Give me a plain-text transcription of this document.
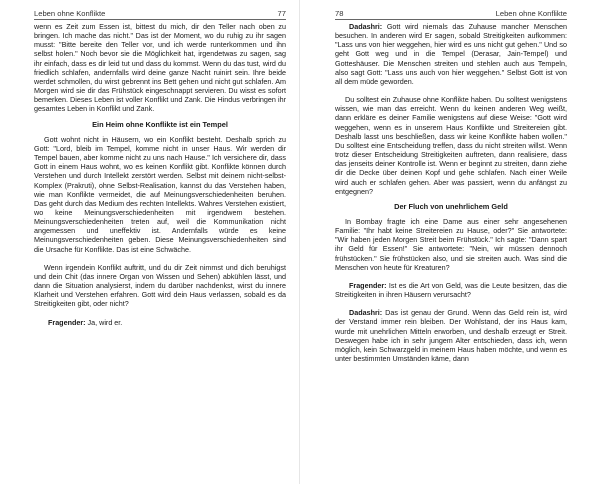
Leben ohne Konflikte	77

wenn es Zeit zum Essen ist, bittest du mich, dir den Teller nach oben zu bringen. Ich mache das nicht." Das ist der Moment, wo du ruhig zu ihr sagen musst: "Bitte bereite den Teller vor, und ich werde runterkommen und ihn selbst holen." Noch bevor sie die Möglichkeit hat, irgendetwas zu sagen, sag ihr einfach, dass es dir leid tut und dass du kommst. Wenn du das tust, wird du friedlich schlafen, andernfalls wird deine ganze Nacht ruinirt sein. Ihre beide werdet schmollen, du wirst gebrennt ins Bett gehen und nicht gut schlafen. Am Morgen wird sie dir das Frühstück eingeschnappt servieren. Du wisst es sofort bemerken. Dieses Leben ist voller Konflikt und Zank. Die Hindus verbringen ihr gesamtes Leben in Konflikt und Zank.

Ein Heim ohne Konflikte ist ein Tempel

Gott wohnt nicht in Häusern, wo ein Konflikt besteht. Deshalb sprich zu Gott: "Lord, bleib im Tempel, komme nicht in unser Haus. Wir werden dir Tempel bauen, aber komme nicht zu uns nach Hause." Ich versichere dir, dass Gott in einem Haus wohnt, wo es keinen Konflikt gibt. Konflikte können durch Verstehen und durch Intellekt zerstört werden. Selbst mit deinem nicht-selbst-Komplex (Prakruti), ohne Selbst-Realisation, kannst du das Verstehen haben, wie man Konflikte vermeidet, die auf Meinungsverschiedenheiten beruhen. Das geht durch das Medium des rechten Intellekts. Wahres Verstehen existiert, wo keine Meinungsverschiedenheiten mit irgendwem bestehen. Meinungsverschiedenheiten treten auf, weil die Kommunikation nicht angemessen und uneffektiv ist. Andernfalls würde es keine Meinungsverschiedenheiten geben. Diese Meinungsverschiedenheiten sind die Ursache für Konflikte. Das ist eine Schwäche.

Wenn irgendein Konflikt auftritt, und du dir Zeit nimmst und dich beruhigst und dein Chit (das innere Organ von Wissen und Sehen) abkühlen lässt, und dann die Situation analysierst, indem du darüber nachdenkst, wirst du innere Klarheit und Verstehen erfahren. Gott wird dein Haus verlassen, sobald es da Streitigkeiten gibt, oder nicht?

Fragender: Ja, wird er.

78	Leben ohne Konflikte

Dadashri: Gott wird niemals das Zuhause mancher Menschen besuchen. In anderen wird Er sagen, sobald Streitigkeiten aufkommen: "Lass uns von hier weggehen, hier wird es uns nicht gut gehen." Und so geht Gott weg und in die Tempel (Derasar, Jain-Tempel) und Gotteshäuser. Die Menschen streiten und stehlen auch aus Tempeln, also sagt Gott: "Lass uns auch von hier weggehen." Selbst Gott ist von all dem müde geworden.

Du solltest ein Zuhause ohne Konflikte haben. Du solltest wenigstens wissen, wie man das erreicht. Wenn du keinen anderen Weg weißt, dann erkläre es deiner Familie wenigstens auf diese Weise: "Gott wird weggehen, wenn es in unserem Haus Konflikte und Streitereien gibt. Deshalb lasst uns beschließen, dass wir keine Konflikte haben wollen." Du solltest eine Entscheidung treffen, dass du nicht streiten willst. Wenn trotz dieser Entscheidung Streitigkeiten auftreten, dann realisiere, dass das jenseits deiner Kontrolle ist. Wenn er beginnt zu streiten, dann ziehe dir die Decke über deinen Kopf und gehe schlafen. Nach einer Weile wird auch er schlafen gehen. Aber was passiert, wenn du anfängst zu entgegnen?

Der Fluch von unehrlichem Geld

In Bombay fragte ich eine Dame aus einer sehr angesehenen Familie: "Ihr habt keine Streitereien zu Hause, oder?" Sie antwortete: "Wir haben jeden Morgen Streit beim Frühstück." Ich sagte: "Dann spart ihr Geld für Essen!" Sie antwortete: "Nein, wir müssen dennoch frühstücken." Sie frühstücken also, und sie streiten auch. Was sind die Menschen von heute für Kreaturen?

Fragender: Ist es die Art von Geld, was die Leute besitzen, das die Streitigkeiten in ihren Häusern verursacht?

Dadashri: Das ist genau der Grund. Wenn das Geld rein ist, wird der Verstand immer rein bleiben. Der Wohlstand, der ins Haus kam, wurde mit unehrlichen Mitteln erworben, und deshalb erzeugt er Streit. Deswegen habe ich in sehr jungem Alter entschieden, dass ich, wenn möglich, kein Schwarzgeld in meinem Haus haben möchte, und wenn es unter bestimmten Umständen käme, dann
